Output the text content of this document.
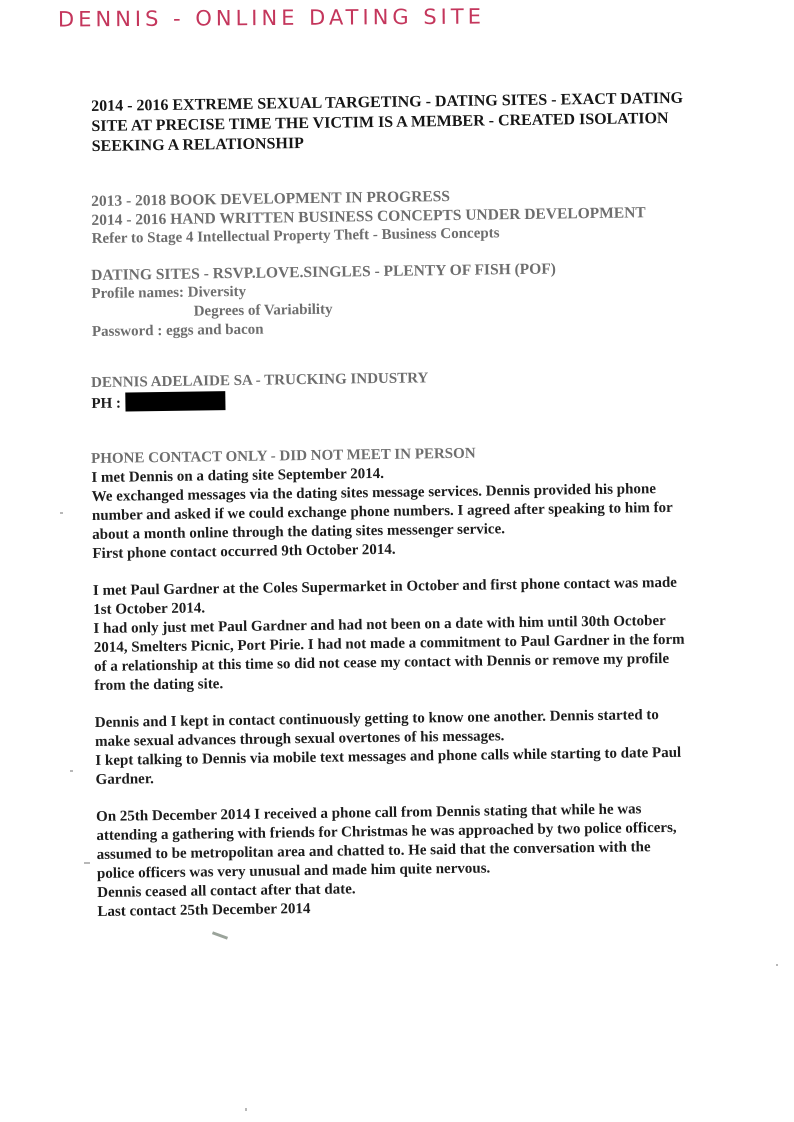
DENNIS - ONLINE DATING SITE
2014 - 2016 EXTREME SEXUAL TARGETING - DATING SITES - EXACT DATING
SITE AT PRECISE TIME THE VICTIM IS A MEMBER - CREATED ISOLATION
SEEKING A RELATIONSHIP
2013 - 2018 BOOK DEVELOPMENT IN PROGRESS
2014 - 2016 HAND WRITTEN BUSINESS CONCEPTS UNDER DEVELOPMENT
Refer to Stage 4 Intellectual Property Theft - Business Concepts
DATING SITES - RSVP.LOVE.SINGLES - PLENTY OF FISH (POF)
Profile names: Diversity
Degrees of Variability
Password : eggs and bacon
DENNIS ADELAIDE SA - TRUCKING INDUSTRY
PH :
PHONE CONTACT ONLY - DID NOT MEET IN PERSON
I met Dennis on a dating site September 2014.
We exchanged messages via the dating sites message services. Dennis provided his phone
number and asked if we could exchange phone numbers. I agreed after speaking to him for
about a month online through the dating sites messenger service.
First phone contact occurred 9th October 2014.
I met Paul Gardner at the Coles Supermarket in October and first phone contact was made
1st October 2014.
I had only just met Paul Gardner and had not been on a date with him until 30th October
2014, Smelters Picnic, Port Pirie. I had not made a commitment to Paul Gardner in the form
of a relationship at this time so did not cease my contact with Dennis or remove my profile
from the dating site.
Dennis and I kept in contact continuously getting to know one another. Dennis started to
make sexual advances through sexual overtones of his messages.
I kept talking to Dennis via mobile text messages and phone calls while starting to date Paul
Gardner.
On 25th December 2014 I received a phone call from Dennis stating that while he was
attending a gathering with friends for Christmas he was approached by two police officers,
assumed to be metropolitan area and chatted to. He said that the conversation with the
police officers was very unusual and made him quite nervous.
Dennis ceased all contact after that date.
Last contact 25th December 2014
